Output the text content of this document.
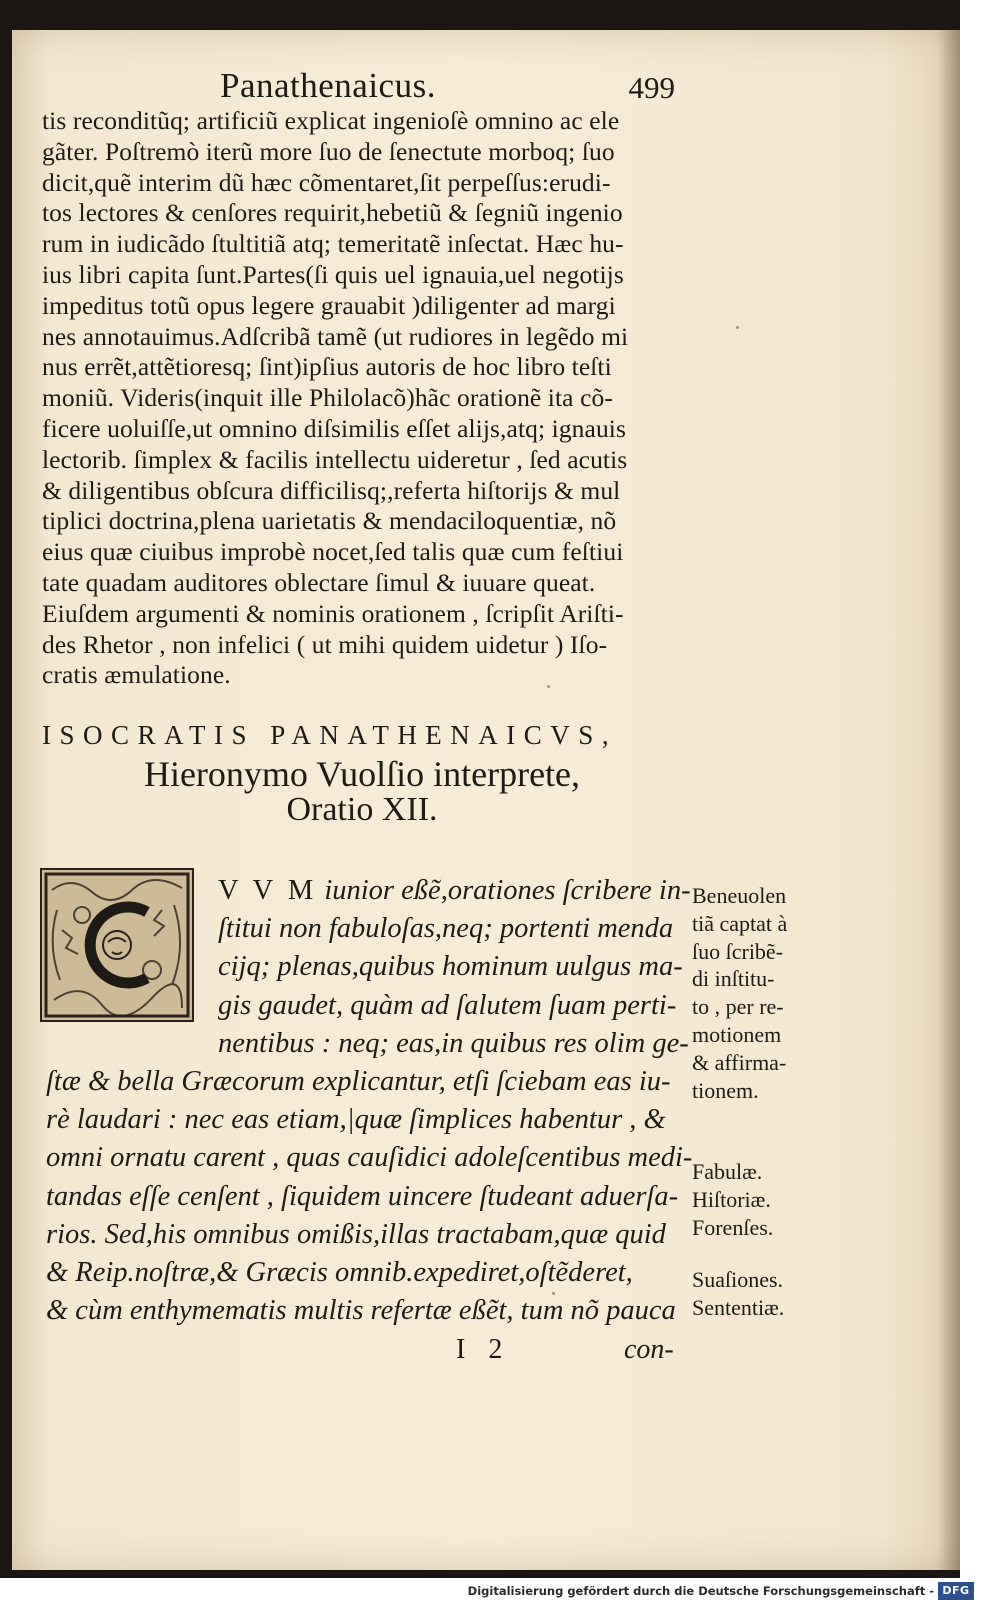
Panathenaicus.	499
tis reconditũq; artificiũ explicat ingenioſè omnino ac ele
gãter. Poſtremò iterũ more ſuo de ſenectute morboq; ſuo
dicit,quẽ interim dũ hæc cõmentaret,ſit perpeſſus:erudi-
tos lectores & cenſores requirit,hebetiũ & ſegniũ ingenio
rum in iudicãdo ſtultitiã atq; temeritatẽ inſectat. Hæc hu-
ius libri capita ſunt.Partes(ſi quis uel ignauia,uel negotijs
impeditus totũ opus legere grauabit )diligenter ad margi
nes annotauimus.Adſcribã tamẽ (ut rudiores in legẽdo mi
nus errẽt,attẽtioresq; ſint)ipſius autoris de hoc libro teſti
moniũ. Videris(inquit ille Philolacõ)hãc orationẽ ita cõ-
ficere uoluiſſe,ut omnino diſsimilis eſſet alijs,atq; ignauis
lectorib. ſimplex & facilis intellectu uideretur , ſed acutis
& diligentibus obſcura difficilisq;,referta hiſtorijs & mul
tiplici doctrina,plena uarietatis & mendaciloquentiæ, nõ
eius quæ ciuibus improbè nocet,ſed talis quæ cum feſtiui
tate quadam auditores oblectare ſimul & iuuare queat.
Eiuſdem argumenti & nominis orationem , ſcripſit Ariſti-
des Rhetor , non infelici ( ut mihi quidem uidetur ) Iſo-
cratis æmulatione.
ISOCRATIS PANATHENAICVS,
Hieronymo Vuolſio interprete,
Oratio XII.
V V M iunior eßẽ,orationes ſcribere in-
ſtitui non fabuloſas,neq; portenti menda
cijq; plenas,quibus hominum uulgus ma-
gis gaudet, quàm ad ſalutem ſuam perti-
nentibus : neq; eas,in quibus res olim ge-
ſtæ & bella Græcorum explicantur, etſi ſciebam eas iu-
rè laudari : nec eas etiam,|quæ ſimplices habentur , &
omni ornatu carent , quas cauſidici adoleſcentibus medi-
tandas eſſe cenſent , ſiquidem uincere ſtudeant aduerſa-
rios. Sed,his omnibus omißis,illas tractabam,quæ quid
& Reip.noſtræ,& Græcis omnib.expediret,oſtẽderet,
& cùm enthymematis multis refertæ eßẽt, tum nõ pauca
Beneuolen
tiã captat à
ſuo ſcribẽ-
di inſtitu-
to , per re-
motionem
& affirma-
tionem.
Fabulæ.
Hiſtoriæ.
Forenſes.
Suaſiones.
Sententiæ.
I 2	con-
Digitalisierung gefördert durch die Deutsche Forschungsgemeinschaft - DFG
